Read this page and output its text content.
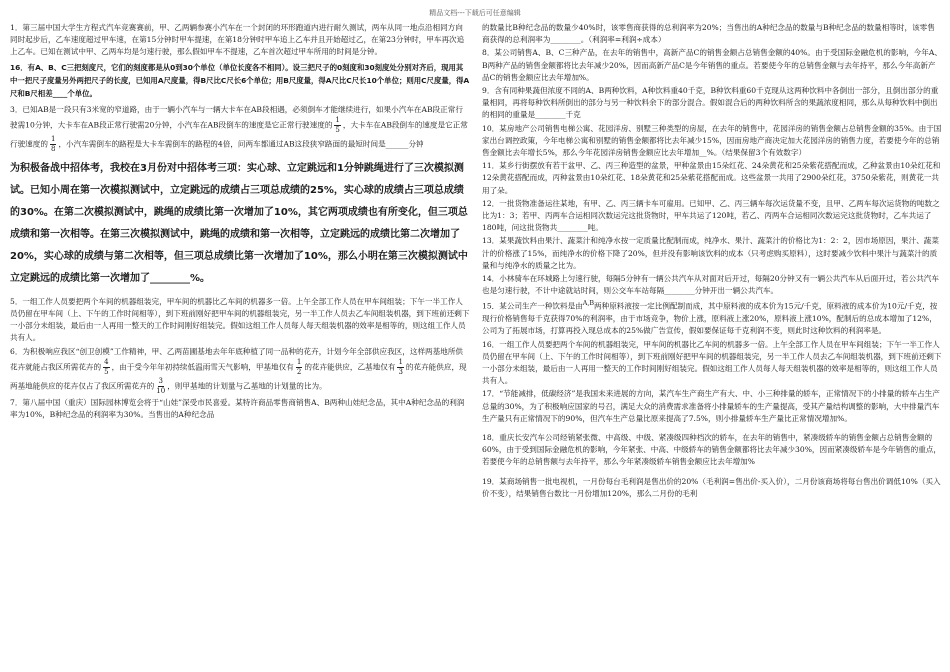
精品文档---下载后可任意编辑

1．第三届中国大学生方程式汽车竞赛赛前，甲、乙两辆参赛小汽车在一个封闭的环形跑道内进行耐久测试，两车从同一地点沿相同方向同时起步后，乙车速度超过甲车速，在第15分钟时甲车提速，在第18分钟时甲车追上乙车并且开始超过乙，在第23分钟时，甲车再次追上乙车。已知在测试中甲、乙两车均是匀速行驶，那么假如甲车不提速，乙车首次超过甲车所用的时间是分钟。

16．有A、B、C三把刻度尺，它们的刻度都是从0到30个单位（单位长度各不相同）。设三把尺子的0刻度和30刻度处分别对齐后，现用其中一把尺子度量另外两把尺子的长度，已知用A尺度量，得B尺比C尺长6个单位；用B尺度量，得A尺比C尺长10个单位；则用C尺度量，得A尺和B尺相差____个单位。

3．已知AB是一段只有3米宽的窄道路，由于一辆小汽车与一辆大卡车在AB段相遇，必须倒车才能继续进行，如果小汽车在AB段正常行驶需10分钟，大卡车在AB段正常行驶需20分钟，小汽车在AB段倒车的速度是它正常行驶速度的 $\frac{1}{5}$ ，大卡车在AB段倒车的速度是它正常行驶速度的 $\frac{1}{8}$ ，小汽车需倒车的路程是大卡车需倒车的路程的4倍，问两车都通过AB这段狭窄路面的最短时间是______分钟

为积极备战中招体考，我校在3月份对中招体考三项：实心球、立定跳远和1分钟跳绳进行了三次模拟测试。已知小周在第一次模拟测试中，立定跳远的成绩占三项总成绩的25%，实心球的成绩占三项总成绩的30%。在第二次模拟测试中，跳绳的成绩比第一次增加了10%，其它两项成绩也有所变化，但三项总成绩和第一次相等。在第三次模拟测试中，跳绳的成绩和第一次相等，立定跳远的成绩比第二次增加了20%，实心球的成绩与第二次相等，但三项总成绩比第一次增加了10%，那么小明在第三次模拟测试中立定跳远的成绩比第一次增加了________%。

5．一组工作人员要把两个车间的机器组装完，甲车间的机器比乙车间的机器多一倍。上午全部工作人员在甲车间组装；下午一半工作人员仍留在甲车间（上、下午的工作时间相等），到下班前刚好把甲车间的机器组装完，另一半工作人员去乙车间组装机器，到下班前还剩下一小部分未组装，最后由一人再用一整天的工作时间刚好组装完。假如这组工作人员每人每天组装机器的效率是相等的，则这组工作人员共有人。

6．为积极响应我区“创卫创模”工作精神，甲、乙两苗圃基地去年年底种植了同一品种的花卉，计划今年全部供应我区，这样两基地所供花卉就能占我区所需花卉的 $\frac{4}{5}$ ，由于受今年年初持续低温雨雪天气影响，甲基地仅有 $\frac{1}{2}$ 的花卉能供应，乙基地仅有 $\frac{1}{3}$ 的花卉能供应，现两基地能供应的花卉仅占了我区所需花卉的 $\frac{3}{10}$ ，则甲基地的计划量与乙基地的计划量的比为。

7．第八届中国（重庆）国际园林博览会将于“山娃”深受市民喜爱。某特许商品零售商销售A、B两种山娃纪念品，其中A种纪念品的利润率为10%，B种纪念品的利润率为30%。当售出的A种纪念品

的数量比B种纪念品的数量少40%时，该零售商获得的总利润率为20%；当售出的A种纪念品的数量与B种纪念品的数量相等时，该零售商获得的总利润率为________。（利润率=利润÷成本）

8．某公司销售A、B、C三种产品，在去年的销售中，高新产品C的销售金额占总销售金额的40%。由于受国际金融危机的影响，今年A、B两种产品的销售金额都将比去年减少20%，因而高新产品C是今年销售的重点。若要使今年的总销售金额与去年持平，那么今年高新产品C的销售金额应比去年增加%。

9．含有同种果蔬但浓度不同的A、B两种饮料，A种饮料重40千克，B种饮料重60千克现从这两种饮料中各倒出一部分，且倒出部分的重量相同，再将每种饮料所倒出的部分与另一种饮料余下的部分混合。假如混合后的两种饮料所含的果蔬浓度相同，那么从每种饮料中倒出的相同的重量是________千克

10．某房地产公司销售电梯公寓、花园洋房、别墅三种类型的房屋，在去年的销售中，花园洋房的销售金额占总销售金额的35%。由于国家出台调控政策，今年电梯公寓和别墅的销售金额都将比去年减少15%，因而房地产商决定加大花园洋房的销售力度，若要使今年的总销售金额比去年增长5%，那么今年花园洋房销售金额应比去年增加__%。（结果保留3个有效数字）

11．某乡行街摆放有若干盆甲、乙、丙三种造型的盆景，甲种盆景由15朵红花、24朵黄花和25朵紫花搭配而成，乙种盆景由10朵红花和12朵黄花搭配而成，丙种盆景由10朵红花、18朵黄花和25朵紫花搭配而成。这些盆景一共用了2900朵红花，3750朵紫花，则黄花一共用了朵。

12．一批货物准备运往某地，有甲、乙、丙三辆卡车可雇用。已知甲、乙、丙三辆车每次运货量不变，且甲、乙两车每次运货物的吨数之比为1：3；若甲、丙两车合运相同次数运完这批货物时，甲车共运了120吨，若乙、丙两车合运相同次数运完这批货物时，乙车共运了180吨，问这批货物共________吨。

13．某果蔬饮料由果汁、蔬菜汁和纯净水按一定质量比配制而成，纯净水、果汁、蔬菜汁的价格比为1：2：2，因市场原因，果汁、蔬菜汁的价格涨了15%，而纯净水的价格下降了20%，但并没有影响该饮料的成本（只考虑购买原料），这时要减少饮料中果汁与蔬菜汁的质量和与纯净水的质量之比为。

14．小林骑车在环城路上匀速行驶，每隔5分钟有一辆公共汽车从对面对后开过，每隔20分钟又有一辆公共汽车从后面开过，若公共汽车也是匀速行驶，不计中途就站时间，则公交车车站每隔________分钟开出一辆公共汽车。

15．某公司生产一种饮料是由$^{A,B}$两种原料液按一定比例配制而成，其中原料液的成本价为15元/千克，原料液的成本价为10元/千克，按现行价格销售每千克获得70%的利润率，由于市场竞争，物价上涨，原料液上涨20%，原料液上涨10%，配制后的总成本增加了12%，公司为了拓展市场，打算再投入现总成本的25%做广告宣传，假如要保证每千克利润不变，则此时这种饮料的利润率是。

16．一组工作人员要把两个车间的机器组装完，甲车间的机器比乙车间的机器多一倍。上午全部工作人员在甲车间组装；下午一半工作人员仍留在甲车间（上、下午的工作时间相等），到下班前刚好把甲车间的机器组装完，另一半工作人员去乙车间组装机器，到下班前还剩下一小部分未组装，最后由一人再用一整天的工作时间刚好组装完。假如这组工作人员每人每天组装机器的效率是相等的，则这组工作人员共有人。

17．“节能减排，低碳经济”是我国未来进展的方向，某汽车生产商生产有大、中、小三种排量的轿车，正常情况下的小排量的轿车占生产总量的30%，为了积极响应国家的号召，满足大众的消费需求准备将小排量轿车的生产量提高，受其产量结构调整的影响，大中排量汽车生产量只有正常情况下的90%，但汽车生产总量比原来提高了7.5%，则小排量轿车生产量比正常情况增加%。

18．重庆长安汽车公司经销紧张微、中高级、中级、紧凑级四种档次的轿车，在去年的销售中，紧凑级轿车的销售金额占总销售金额的60%，由于受到国际金融危机的影响，今年紧张、中高、中级轿车的销售金额都将比去年减少30%，因而紧凑级轿车是今年销售的重点，若要使今年的总销售额与去年持平，那么今年紧凑级轿车销售金额应比去年增加%

19．某商场销售一批电视机，一月份每台毛利润是售出价的20%（毛利润=售出价-买入价），二月份该商场将每台售出价调低10%（买入价不变），结果销售台数比一月份增加120%，那么二月份的毛利
